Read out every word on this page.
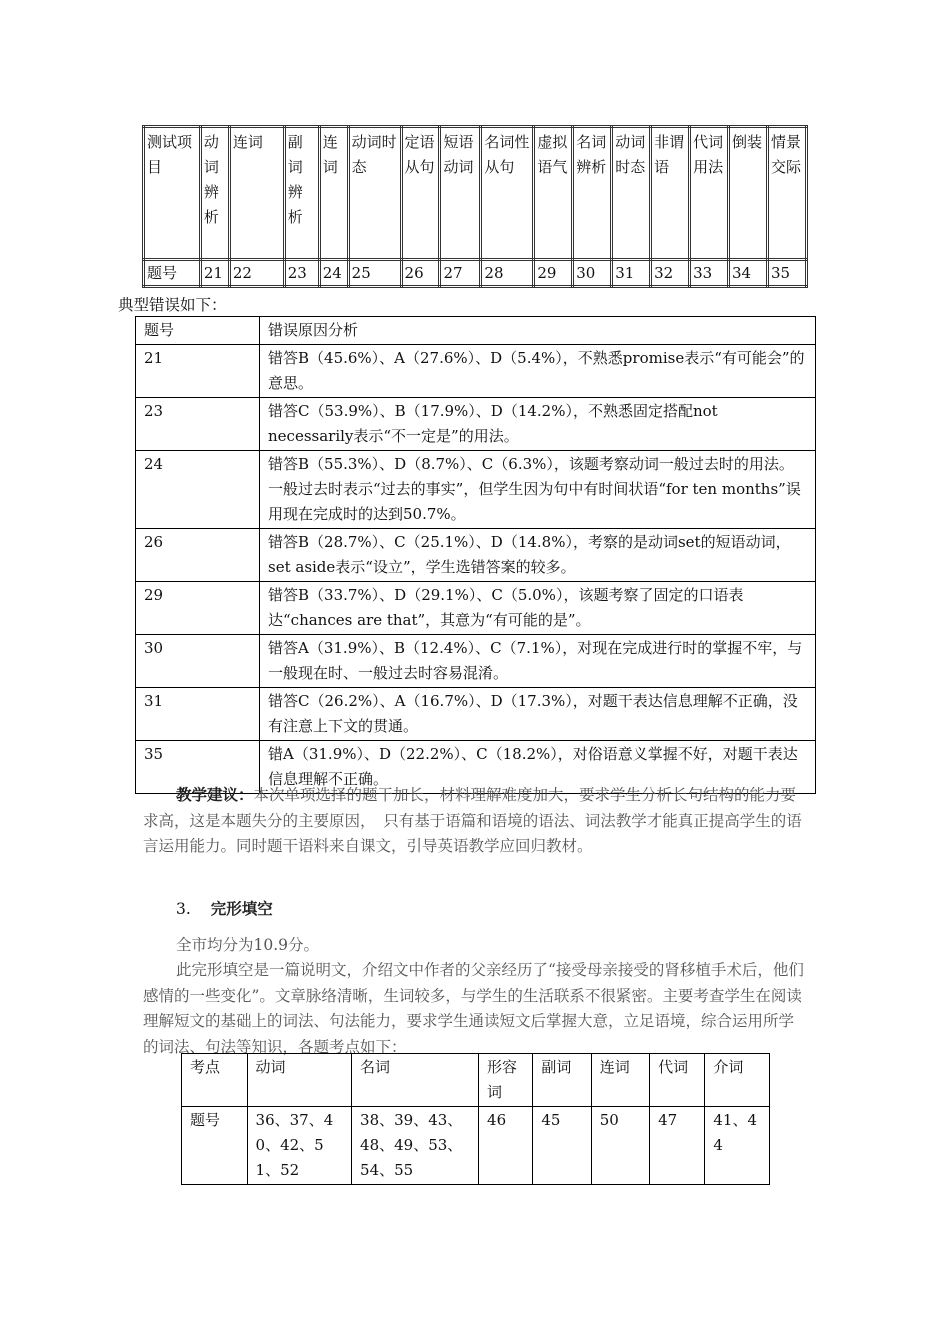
测试项目	动词辨析	连词	副词辨析	连词	动词时态	定语从句	短语动词	名词性从句	虚拟语气	名词辨析	动词时态	非谓语	代词用法	倒装	情景交际
题号	21	22	23	24	25	26	27	28	29	30	31	32	33	34	35
典型错误如下：
题号	错误原因分析
21	错答B（45.6%）、A（27.6%）、D（5.4%），不熟悉promise表示“有可能会”的意思。
23	错答C（53.9%）、B（17.9%）、D（14.2%），不熟悉固定搭配not necessarily表示“不一定是”的用法。
24	错答B（55.3%）、D（8.7%）、C（6.3%），该题考察动词一般过去时的用法。一般过去时表示“过去的事实”，但学生因为句中有时间状语“for ten months”误用现在完成时的达到50.7%。
26	错答B（28.7%）、C（25.1%）、D（14.8%），考察的是动词set的短语动词，set aside表示“设立”，学生选错答案的较多。
29	错答B（33.7%）、D（29.1%）、C（5.0%），该题考察了固定的口语表达“chances are that”，其意为“有可能的是”。
30	错答A（31.9%）、B（12.4%）、C（7.1%），对现在完成进行时的掌握不牢，与一般现在时、一般过去时容易混淆。
31	错答C（26.2%）、A（16.7%）、D（17.3%），对题干表达信息理解不正确，没有注意上下文的贯通。
35	错A（31.9%）、D（22.2%）、C（18.2%），对俗语意义掌握不好，对题干表达信息理解不正确。
教学建议：本次单项选择的题干加长，材料理解难度加大，要求学生分析长句结构的能力要求高，这是本题失分的主要原因，　只有基于语篇和语境的语法、词法教学才能真正提高学生的语言运用能力。同时题干语料来自课文，引导英语教学应回归教材。
3. 完形填空
全市均分为10.9分。
此完形填空是一篇说明文，介绍文中作者的父亲经历了“接受母亲接受的肾移植手术后，他们感情的一些变化”。文章脉络清晰，生词较多，与学生的生活联系不很紧密。主要考查学生在阅读理解短文的基础上的词法、句法能力，要求学生通读短文后掌握大意，立足语境，综合运用所学的词法、句法等知识，各题考点如下：
考点	动词	名词	形容词	副词	连词	代词	介词
题号	36、37、40、42、51、52	38、39、43、48、49、53、54、55	46	45	50	47	41、44
